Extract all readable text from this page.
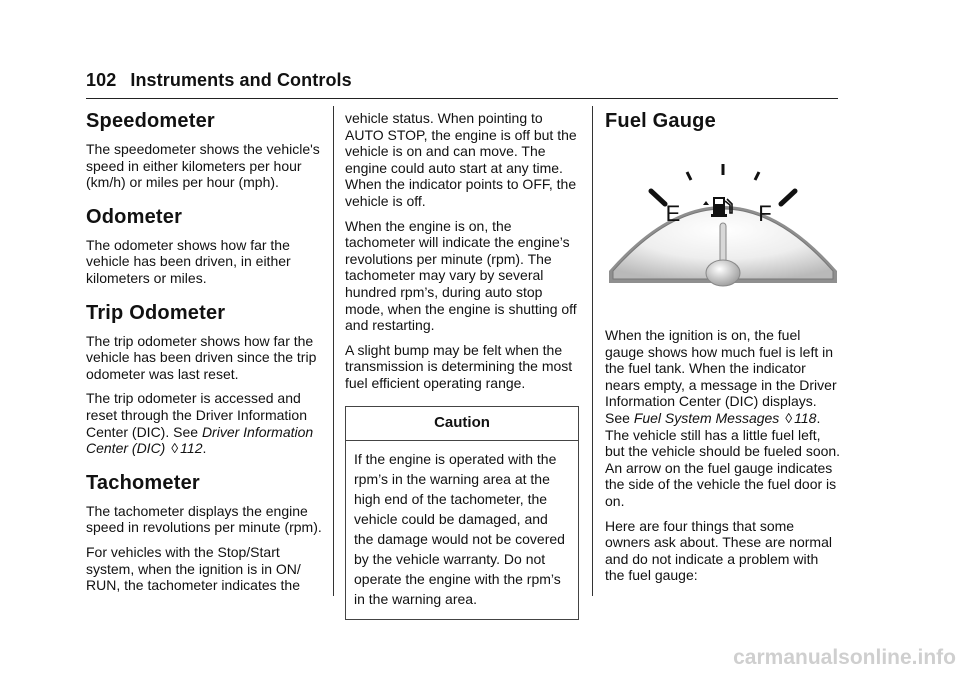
102 Instruments and Controls
Speedometer

The speedometer shows the vehicle's speed in either kilometers per hour (km/h) or miles per hour (mph).

Odometer

The odometer shows how far the vehicle has been driven, in either kilometers or miles.

Trip Odometer

The trip odometer shows how far the vehicle has been driven since the trip odometer was last reset.

The trip odometer is accessed and reset through the Driver Information Center (DIC). See Driver Information Center (DIC) ◊ 112.

Tachometer

The tachometer displays the engine speed in revolutions per minute (rpm).

For vehicles with the Stop/Start system, when the ignition is in ON/ RUN, the tachometer indicates the

vehicle status. When pointing to AUTO STOP, the engine is off but the vehicle is on and can move. The engine could auto start at any time. When the indicator points to OFF, the vehicle is off.

When the engine is on, the tachometer will indicate the engine’s revolutions per minute (rpm). The tachometer may vary by several hundred rpm’s, during auto stop mode, when the engine is shutting off and restarting.

A slight bump may be felt when the transmission is determining the most fuel efficient operating range.

Caution
If the engine is operated with the rpm’s in the warning area at the high end of the tachometer, the vehicle could be damaged, and the damage would not be covered by the vehicle warranty. Do not operate the engine with the rpm’s in the warning area.
Fuel Gauge
E	F

When the ignition is on, the fuel gauge shows how much fuel is left in the fuel tank. When the indicator nears empty, a message in the Driver Information Center (DIC) displays. See Fuel System Messages ◊ 118. The vehicle still has a little fuel left, but the vehicle should be fueled soon. An arrow on the fuel gauge indicates the side of the vehicle the fuel door is on.

Here are four things that some owners ask about. These are normal and do not indicate a problem with the fuel gauge:

carmanualsonline.info
